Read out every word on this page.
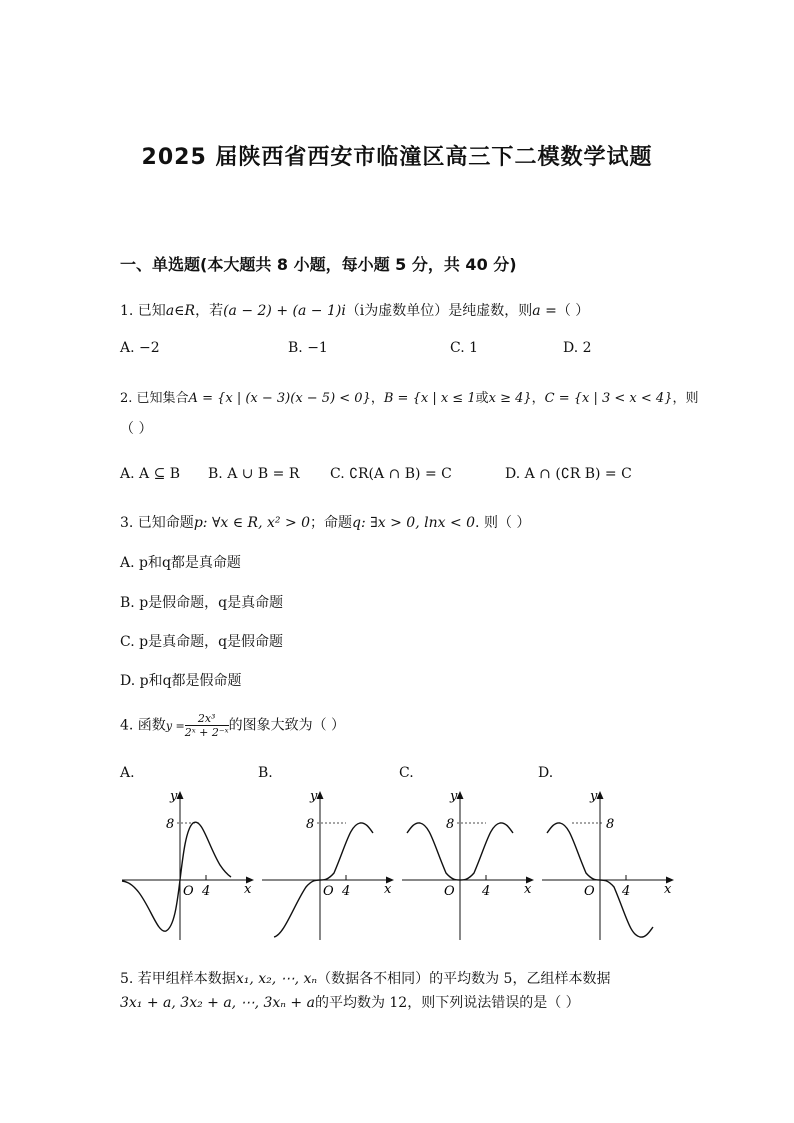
2025 届陕西省西安市临潼区高三下二模数学试题
一、单选题(本大题共 8 小题，每小题 5 分，共 40 分)
1. 已知a∈R，若(a − 2) + (a − 1)i（i为虚数单位）是纯虚数，则a =（ ）
A. −2	B. −1	C. 1	D. 2
2. 已知集合A = {x | (x − 3)(x − 5) < 0}，B = {x | x ≤ 1或x ≥ 4}，C = {x | 3 < x < 4}，则
（ ）
A. A ⊆ B B. A ∪ B = R C. ∁R(A ∩ B) = C	D. A ∩ (∁R B) = C
3. 已知命题p: ∀x ∈ R, x² > 0；命题q: ∃x > 0, lnx < 0. 则（ ）
A. p和q都是真命题
B. p是假命题，q是真命题
C. p是真命题，q是假命题
D. p和q都是假命题
4. 函数$y = \frac{\text{2x³}}{\text{2ˣ + 2⁻ˣ}}$ 的图象大致为（ ）
A.	B.	C.	D.
y
x
8
O 4
y
x
8
O 4
y
x
8
O 4
y
x
8
O 4
5. 若甲组样本数据x₁, x₂, ⋯, xₙ（数据各不相同）的平均数为 5，乙组样本数据
3x₁ + a, 3x₂ + a, ⋯, 3xₙ + a的平均数为 12，则下列说法错误的是（ ）
